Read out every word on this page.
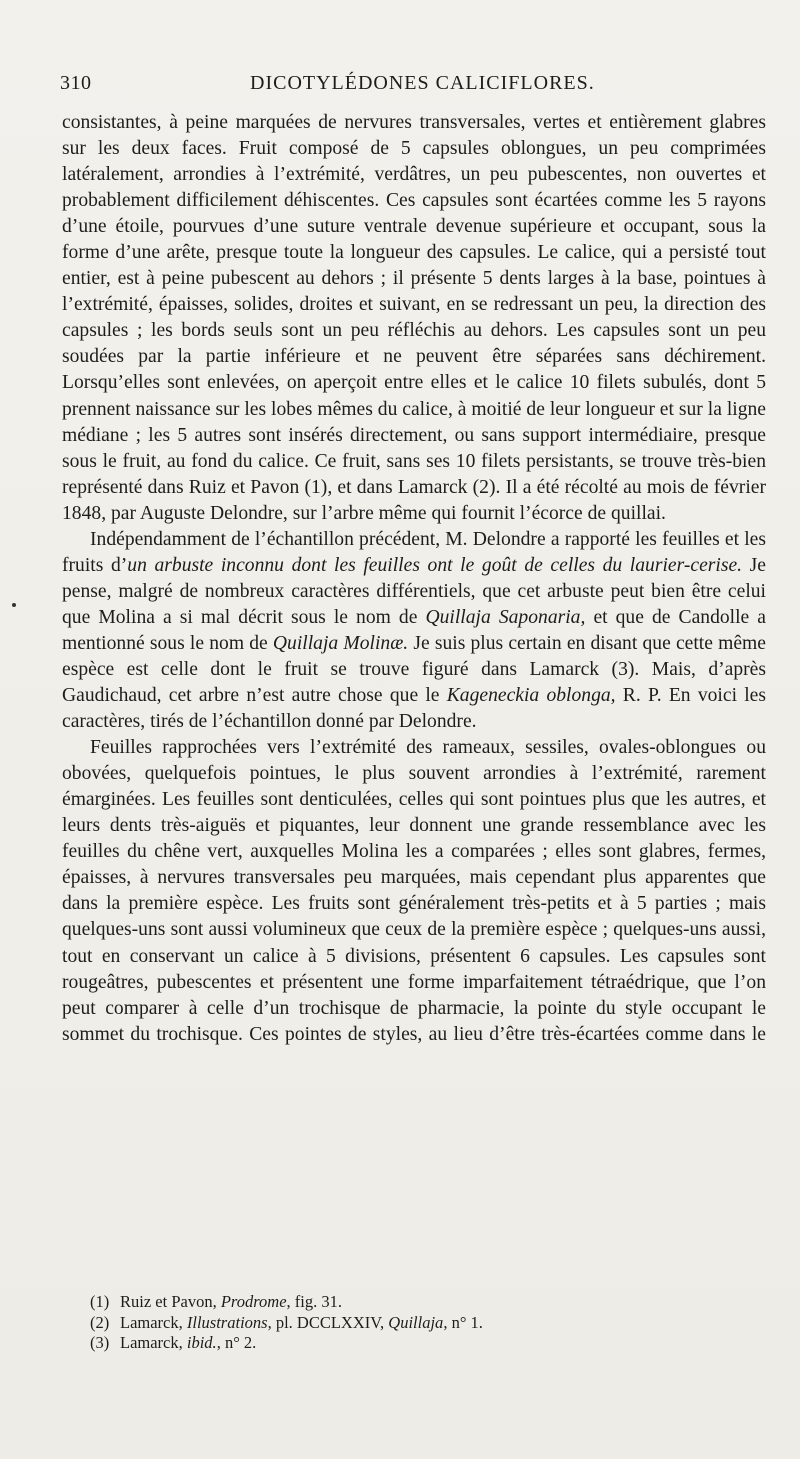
310	DICOTYLÉDONES CALICIFLORES.

consistantes, à peine marquées de nervures transversales, vertes et entièrement glabres sur les deux faces. Fruit composé de 5 capsules oblongues, un peu comprimées latéralement, arrondies à l’extrémité, verdâtres, un peu pubescentes, non ouvertes et probablement difficilement déhiscentes. Ces capsules sont écartées comme les 5 rayons d’une étoile, pourvues d’une suture ventrale devenue supérieure et occupant, sous la forme d’une arête, presque toute la longueur des capsules. Le calice, qui a persisté tout entier, est à peine pubescent au dehors ; il présente 5 dents larges à la base, pointues à l’extrémité, épaisses, solides, droites et suivant, en se redressant un peu, la direction des capsules ; les bords seuls sont un peu réfléchis au dehors. Les capsules sont un peu soudées par la partie inférieure et ne peuvent être séparées sans déchirement. Lorsqu’elles sont enlevées, on aperçoit entre elles et le calice 10 filets subulés, dont 5 prennent naissance sur les lobes mêmes du calice, à moitié de leur longueur et sur la ligne médiane ; les 5 autres sont insérés directement, ou sans support intermédiaire, presque sous le fruit, au fond du calice. Ce fruit, sans ses 10 filets persistants, se trouve très-bien représenté dans Ruiz et Pavon (1), et dans Lamarck (2). Il a été récolté au mois de février 1848, par Auguste Delondre, sur l’arbre même qui fournit l’écorce de quillai.

Indépendamment de l’échantillon précédent, M. Delondre a rapporté les feuilles et les fruits d’un arbuste inconnu dont les feuilles ont le goût de celles du laurier-cerise. Je pense, malgré de nombreux caractères différentiels, que cet arbuste peut bien être celui que Molina a si mal décrit sous le nom de Quillaja Saponaria, et que de Candolle a mentionné sous le nom de Quillaja Molinæ. Je suis plus certain en disant que cette même espèce est celle dont le fruit se trouve figuré dans Lamarck (3). Mais, d’après Gaudichaud, cet arbre n’est autre chose que le Kageneckia oblonga, R. P. En voici les caractères, tirés de l’échantillon donné par Delondre.

Feuilles rapprochées vers l’extrémité des rameaux, sessiles, ovales-oblongues ou obovées, quelquefois pointues, le plus souvent arrondies à l’extrémité, rarement émarginées. Les feuilles sont denticulées, celles qui sont pointues plus que les autres, et leurs dents très-aiguës et piquantes, leur donnent une grande ressemblance avec les feuilles du chêne vert, auxquelles Molina les a comparées ; elles sont glabres, fermes, épaisses, à nervures transversales peu marquées, mais cependant plus apparentes que dans la première espèce. Les fruits sont généralement très-petits et à 5 parties ; mais quelques-uns sont aussi volumineux que ceux de la première espèce ; quelques-uns aussi, tout en conservant un calice à 5 divisions, présentent 6 capsules. Les capsules sont rougeâtres, pubescentes et présentent une forme imparfaitement tétraédrique, que l’on peut comparer à celle d’un trochisque de pharmacie, la pointe du style occupant le sommet du trochisque. Ces pointes de styles, au lieu d’être très-écartées comme dans le

(1) Ruiz et Pavon, Prodrome, fig. 31.

(2) Lamarck, Illustrations, pl. DCCLXXIV, Quillaja, n° 1.

(3) Lamarck, ibid., n° 2.
